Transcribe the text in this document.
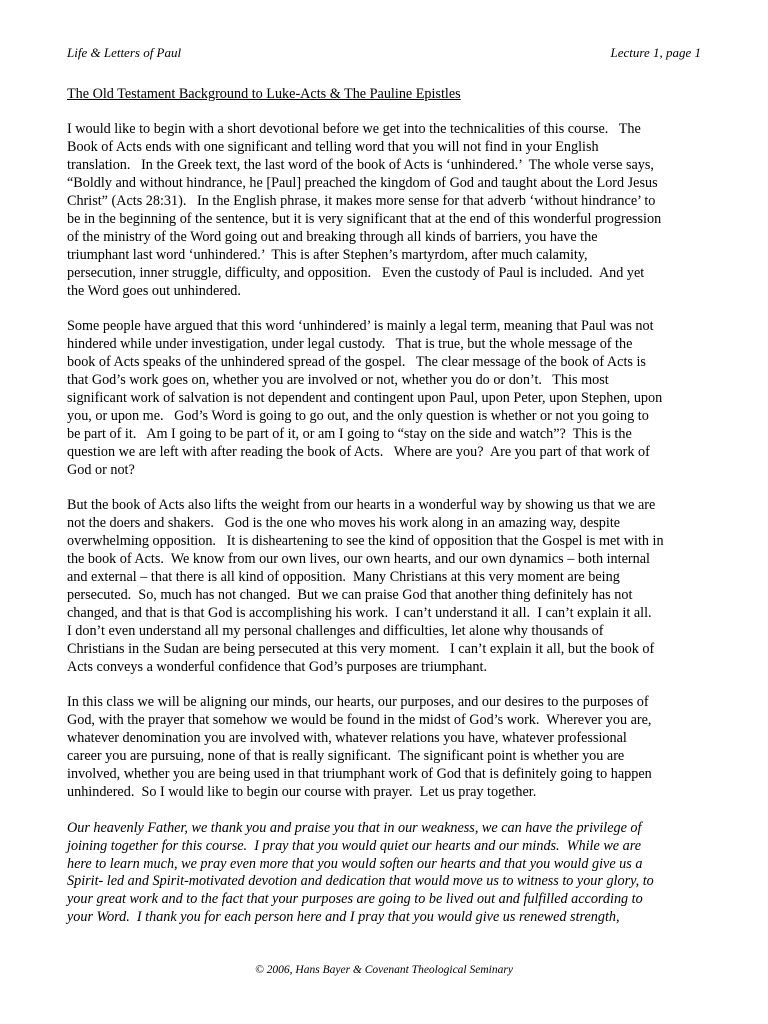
Life & Letters of Paul	Lecture 1, page 1
The Old Testament Background to Luke-Acts & The Pauline Epistles
I would like to begin with a short devotional before we get into the technicalities of this course.   The
Book of Acts ends with one significant and telling word that you will not find in your English
translation.   In the Greek text, the last word of the book of Acts is ‘unhindered.’  The whole verse says,
“Boldly and without hindrance, he [Paul] preached the kingdom of God and taught about the Lord Jesus
Christ” (Acts 28:31).   In the English phrase, it makes more sense for that adverb ‘without hindrance’ to
be in the beginning of the sentence, but it is very significant that at the end of this wonderful progression
of the ministry of the Word going out and breaking through all kinds of barriers, you have the
triumphant last word ‘unhindered.’  This is after Stephen’s martyrdom, after much calamity,
persecution, inner struggle, difficulty, and opposition.   Even the custody of Paul is included.  And yet
the Word goes out unhindered.
Some people have argued that this word ‘unhindered’ is mainly a legal term, meaning that Paul was not
hindered while under investigation, under legal custody.   That is true, but the whole message of the
book of Acts speaks of the unhindered spread of the gospel.   The clear message of the book of Acts is
that God’s work goes on, whether you are involved or not, whether you do or don’t.   This most
significant work of salvation is not dependent and contingent upon Paul, upon Peter, upon Stephen, upon
you, or upon me.   God’s Word is going to go out, and the only question is whether or not you going to
be part of it.   Am I going to be part of it, or am I going to “stay on the side and watch”?  This is the
question we are left with after reading the book of Acts.   Where are you?  Are you part of that work of
God or not?
But the book of Acts also lifts the weight from our hearts in a wonderful way by showing us that we are
not the doers and shakers.   God is the one who moves his work along in an amazing way, despite
overwhelming opposition.   It is disheartening to see the kind of opposition that the Gospel is met with in
the book of Acts.  We know from our own lives, our own hearts, and our own dynamics – both internal
and external – that there is all kind of opposition.  Many Christians at this very moment are being
persecuted.  So, much has not changed.  But we can praise God that another thing definitely has not
changed, and that is that God is accomplishing his work.  I can’t understand it all.  I can’t explain it all.
I don’t even understand all my personal challenges and difficulties, let alone why thousands of
Christians in the Sudan are being persecuted at this very moment.   I can’t explain it all, but the book of
Acts conveys a wonderful confidence that God’s purposes are triumphant.
In this class we will be aligning our minds, our hearts, our purposes, and our desires to the purposes of
God, with the prayer that somehow we would be found in the midst of God’s work.  Wherever you are,
whatever denomination you are involved with, whatever relations you have, whatever professional
career you are pursuing, none of that is really significant.  The significant point is whether you are
involved, whether you are being used in that triumphant work of God that is definitely going to happen
unhindered.  So I would like to begin our course with prayer.  Let us pray together.
Our heavenly Father, we thank you and praise you that in our weakness, we can have the privilege of
joining together for this course.  I pray that you would quiet our hearts and our minds.  While we are
here to learn much, we pray even more that you would soften our hearts and that you would give us a
Spirit- led and Spirit-motivated devotion and dedication that would move us to witness to your glory, to
your great work and to the fact that your purposes are going to be lived out and fulfilled according to
your Word.  I thank you for each person here and I pray that you would give us renewed strength,
© 2006, Hans Bayer & Covenant Theological Seminary
